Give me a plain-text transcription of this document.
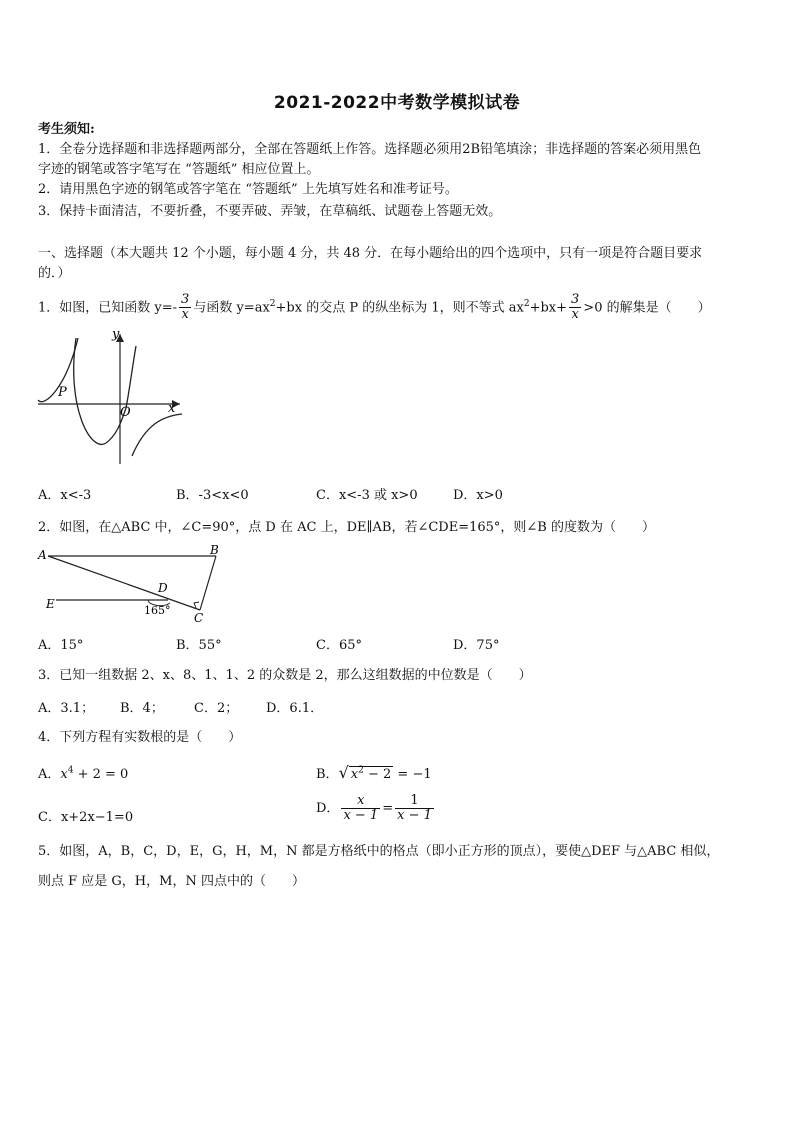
2021-2022中考数学模拟试卷
考生须知:
1．全卷分选择题和非选择题两部分，全部在答题纸上作答。选择题必须用2B铅笔填涂；非选择题的答案必须用黑色
字迹的钢笔或答字笔写在 “答题纸” 相应位置上。
2．请用黑色字迹的钢笔或答字笔在 “答题纸” 上先填写姓名和准考证号。
3．保持卡面清洁，不要折叠，不要弄破、弄皱，在草稿纸、试题卷上答题无效。
一、选择题（本大题共 12 个小题，每小题 4 分，共 48 分．在每小题给出的四个选项中，只有一项是符合题目要求
的．）
1．如图，已知函数 $y=- \frac{3}{x}$ 与函数 $y=ax^2+bx$ 的交点 P 的纵坐标为 1，则不等式 $ax^2+bx+ \frac{3}{x} >0$ 的解集是（　　）
y
x
O
P
A．x<-3	B．-3<x<0	C．x<-3 或 x>0	D．x>0
2．如图，在△ABC 中，∠C=90°，点 D 在 AC 上，DE∥AB，若∠CDE=165°，则∠B 的度数为（　　）
A	B
C
D
E	165°
A．15°	B．55°	C．65°	D．75°
3．已知一组数据 2、x、8、1、1、2 的众数是 2，那么这组数据的中位数是（　　）
A．3.1； B．4； C．2； D．6.1．
4．下列方程有实数根的是（　　）
A．$x^4 + 2 = 0$	B．√ $x^2 - 2 = -1$
C．x+2x−1=0
D． $\frac{x}{x - 1} = \frac{1}{x - 1}$
5．如图，A，B，C，D，E，G，H，M，N 都是方格纸中的格点（即小正方形的顶点），要使△DEF 与△ABC 相似，
则点 F 应是 G，H，M，N 四点中的（　　）
